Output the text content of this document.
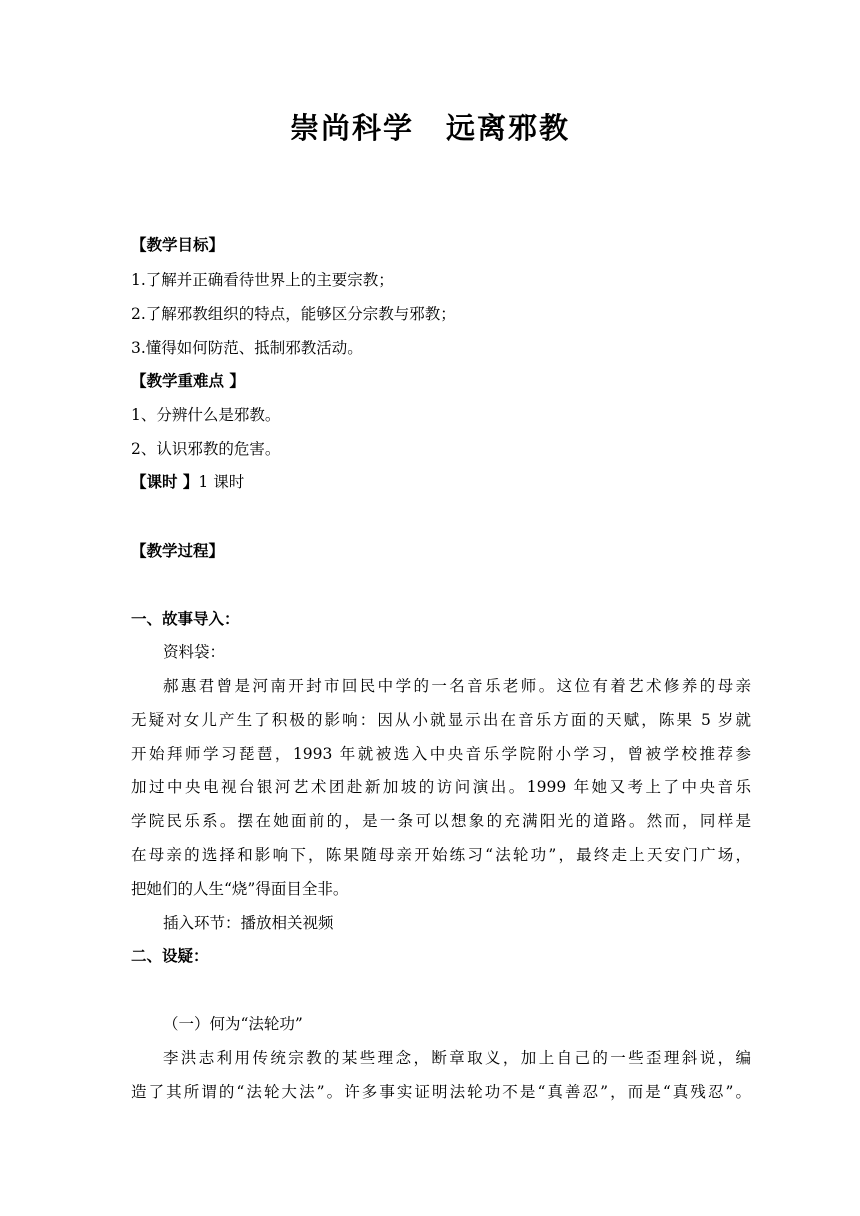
崇尚科学 远离邪教
【教学目标】
1.了解并正确看待世界上的主要宗教；
2.了解邪教组织的特点，能够区分宗教与邪教；
3.懂得如何防范、抵制邪教活动。
【教学重难点 】
1、分辨什么是邪教。
2、认识邪教的危害。
【课时 】1 课时
【教学过程】
一、故事导入：
资料袋：
郝惠君曾是河南开封市回民中学的一名音乐老师。这位有着艺术修养的母亲
无疑对女儿产生了积极的影响：因从小就显示出在音乐方面的天赋，陈果 5 岁就
开始拜师学习琵琶，1993 年就被选入中央音乐学院附小学习，曾被学校推荐参
加过中央电视台银河艺术团赴新加坡的访问演出。1999 年她又考上了中央音乐
学院民乐系。摆在她面前的，是一条可以想象的充满阳光的道路。然而，同样是
在母亲的选择和影响下，陈果随母亲开始练习“法轮功”，最终走上天安门广场，
把她们的人生“烧”得面目全非。
插入环节：播放相关视频
二、设疑：
（一）何为“法轮功”
李洪志利用传统宗教的某些理念，断章取义，加上自己的一些歪理斜说，编
造了其所谓的“法轮大法”。许多事实证明法轮功不是“真善忍”，而是“真残忍”。
